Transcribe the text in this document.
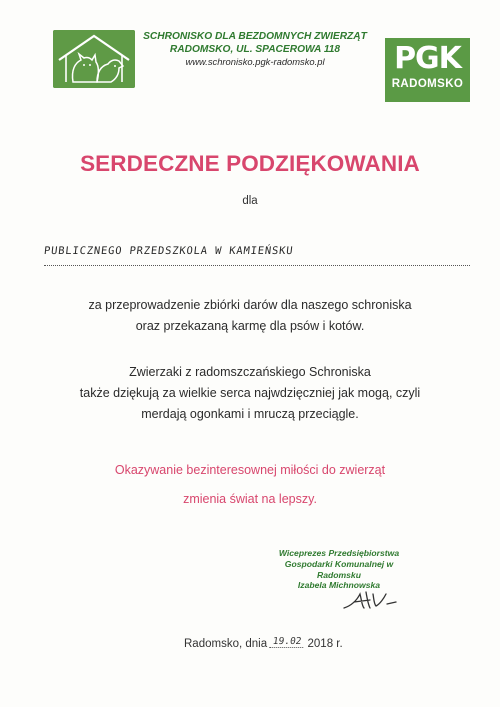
SCHRONISKO DLA BEZDOMNYCH ZWIERZĄT
RADOMSKO, UL. SPACEROWA 118
www.schronisko.pgk-radomsko.pl	PGK
RADOMSKO
SERDECZNE PODZIĘKOWANIA
dla
PUBLICZNEGO PRZEDSZKOLA W KAMIEŃSKU
za przeprowadzenie zbiórki darów dla naszego schroniska
oraz przekazaną karmę dla psów i kotów.
Zwierzaki z radomszczańskiego Schroniska
także dziękują za wielkie serca najwdzięczniej jak mogą, czyli
merdają ogonkami i mruczą przeciągle.
Okazywanie bezinteresownej miłości do zwierząt
zmienia świat na lepszy.
Wiceprezes Przedsiębiorstwa
Gospodarki Komunalnej w Radomsku
Izabela Michnowska
Radomsko, dnia 19.02 2018 r.
